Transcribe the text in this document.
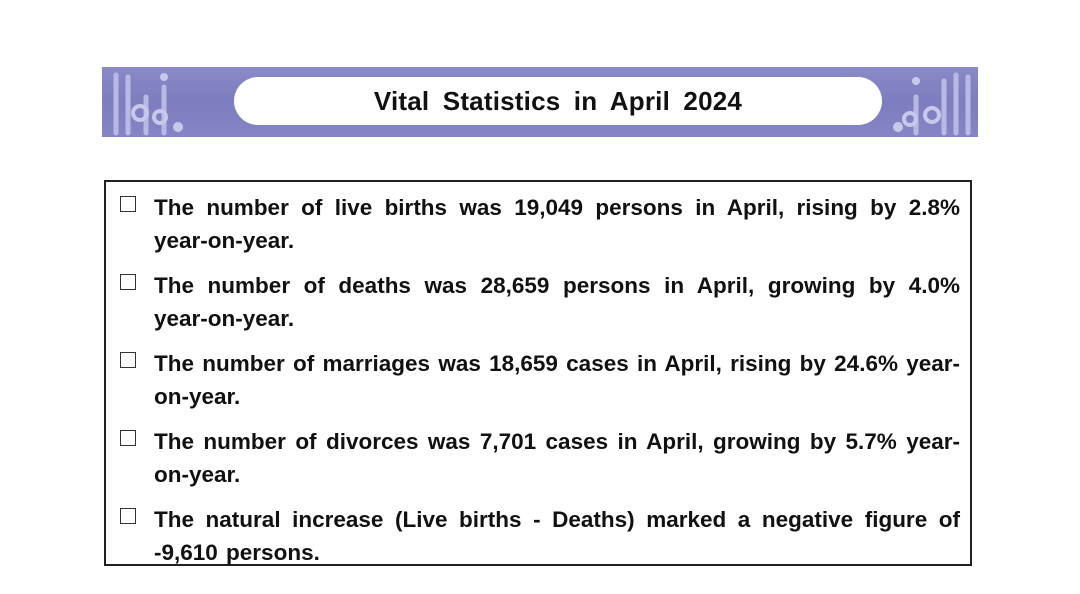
Vital Statistics in April 2024

The number of live births was 19,049 persons in April, rising by 2.8% year-on-year.

The number of deaths was 28,659 persons in April, growing by 4.0% year-on-year.

The number of marriages was 18,659 cases in April, rising by 24.6% year-on-year.

The number of divorces was 7,701 cases in April, growing by 5.7% year-on-year.

The natural increase (Live births - Deaths) marked a negative figure of -9,610 persons.
